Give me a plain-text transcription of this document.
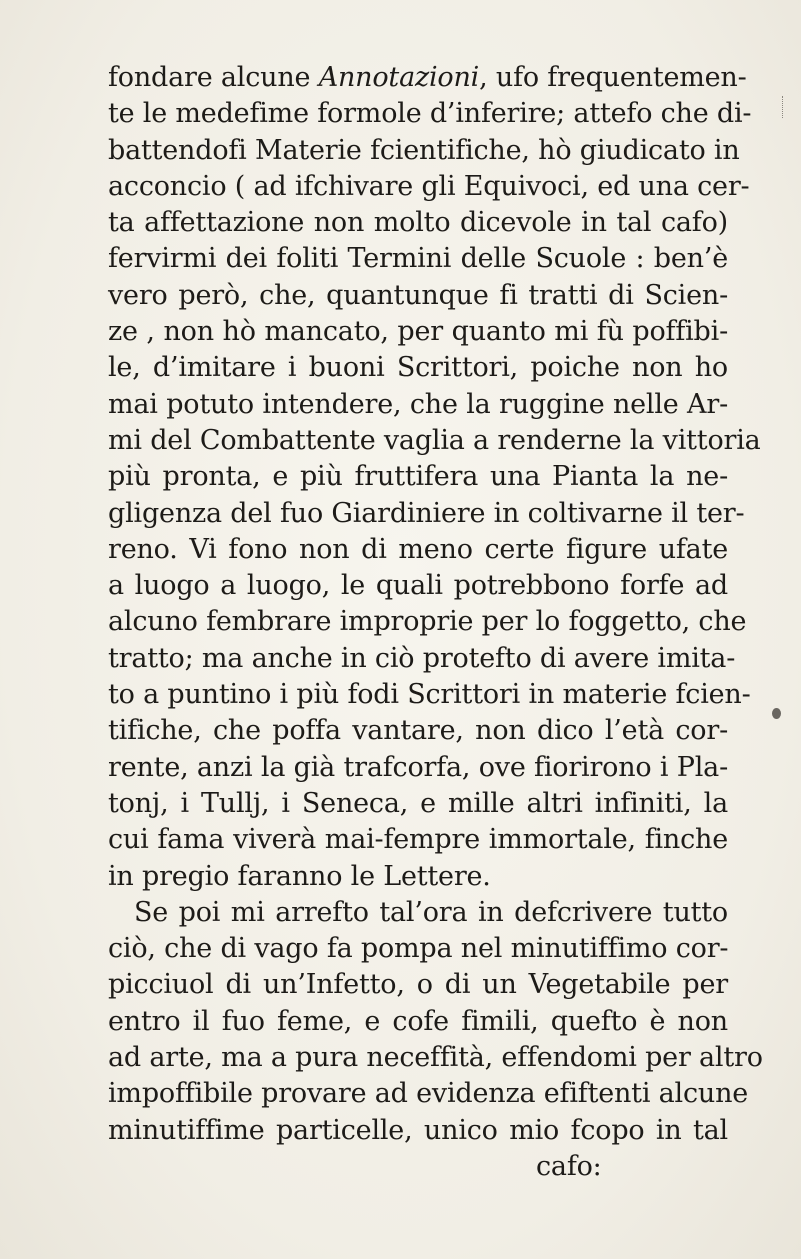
fondare alcune Annotazioni, ufo frequentemen-
te le medefime formole d’inferire; attefo che di-
battendofi Materie fcientifiche, hò giudicato in
acconcio ( ad ifchivare gli Equivoci, ed una cer-
ta affettazione non molto dicevole in tal cafo)
fervirmi dei foliti Termini delle Scuole : ben’è
vero però, che, quantunque fi tratti di Scien-
ze , non hò mancato, per quanto mi fù poffibi-
le, d’imitare i buoni Scrittori, poiche non ho
mai potuto intendere, che la ruggine nelle Ar-
mi del Combattente vaglia a renderne la vittoria
più pronta, e più fruttifera una Pianta la ne-
gligenza del fuo Giardiniere in coltivarne il ter-
reno. Vi fono non di meno certe figure ufate
a luogo a luogo, le quali potrebbono forfe ad
alcuno fembrare improprie per lo foggetto, che
tratto; ma anche in ciò protefto di avere imita-
to a puntino i più fodi Scrittori in materie fcien-
tifiche, che poffa vantare, non dico l’età cor-
rente, anzi la già trafcorfa, ove fiorirono i Pla-
tonj, i Tullj, i Seneca, e mille altri infiniti, la
cui fama viverà mai-fempre immortale, finche
in pregio faranno le Lettere.
Se poi mi arrefto tal’ora in defcrivere tutto
ciò, che di vago fa pompa nel minutiffimo cor-
picciuol di un’Infetto, o di un Vegetabile per
entro il fuo feme, e cofe fimili, quefto è non
ad arte, ma a pura neceffità, effendomi per altro
impoffibile provare ad evidenza efiftenti alcune
minutiffime particelle, unico mio fcopo in tal
cafo:
